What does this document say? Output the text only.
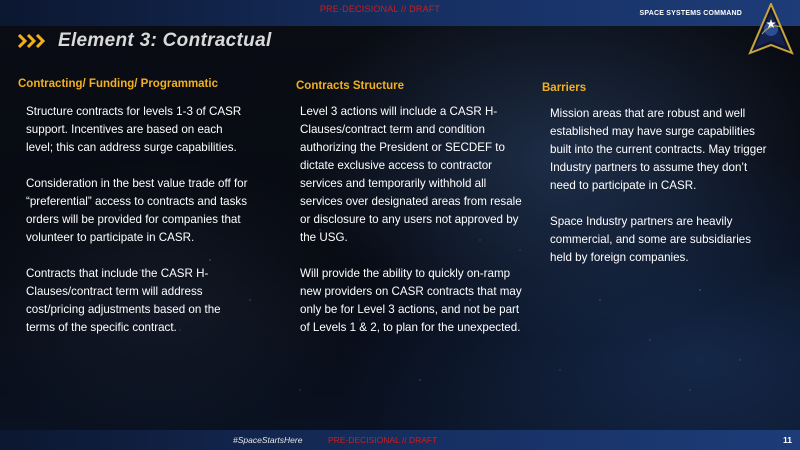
PRE-DECISIONAL // DRAFT	SPACE SYSTEMS COMMAND
Element 3: Contractual
Contracting/ Funding/ Programmatic

Structure contracts for levels 1-3 of CASR support. Incentives are based on each level; this can address surge capabilities.

Consideration in the best value trade off for “preferential” access to contracts and tasks orders will be provided for companies that volunteer to participate in CASR.

Contracts that include the CASR H-Clauses/contract term will address cost/pricing adjustments based on the terms of the specific contract.

Contracts Structure

Level 3 actions will include a CASR H-Clauses/contract term and condition authorizing the President or SECDEF to dictate exclusive access to contractor services and temporarily withhold all services over designated areas from resale or disclosure to any users not approved by the USG.

Will provide the ability to quickly on-ramp new providers on CASR contracts that may only be for Level 3 actions, and not be part of Levels 1 & 2, to plan for the unexpected.

Barriers

Mission areas that are robust and well established may have surge capabilities built into the current contracts. May trigger Industry partners to assume they don’t need to participate in CASR.

Space Industry partners are heavily commercial, and some are subsidiaries held by foreign companies.

#SpaceStartsHere	PRE-DECISIONAL // DRAFT	11
